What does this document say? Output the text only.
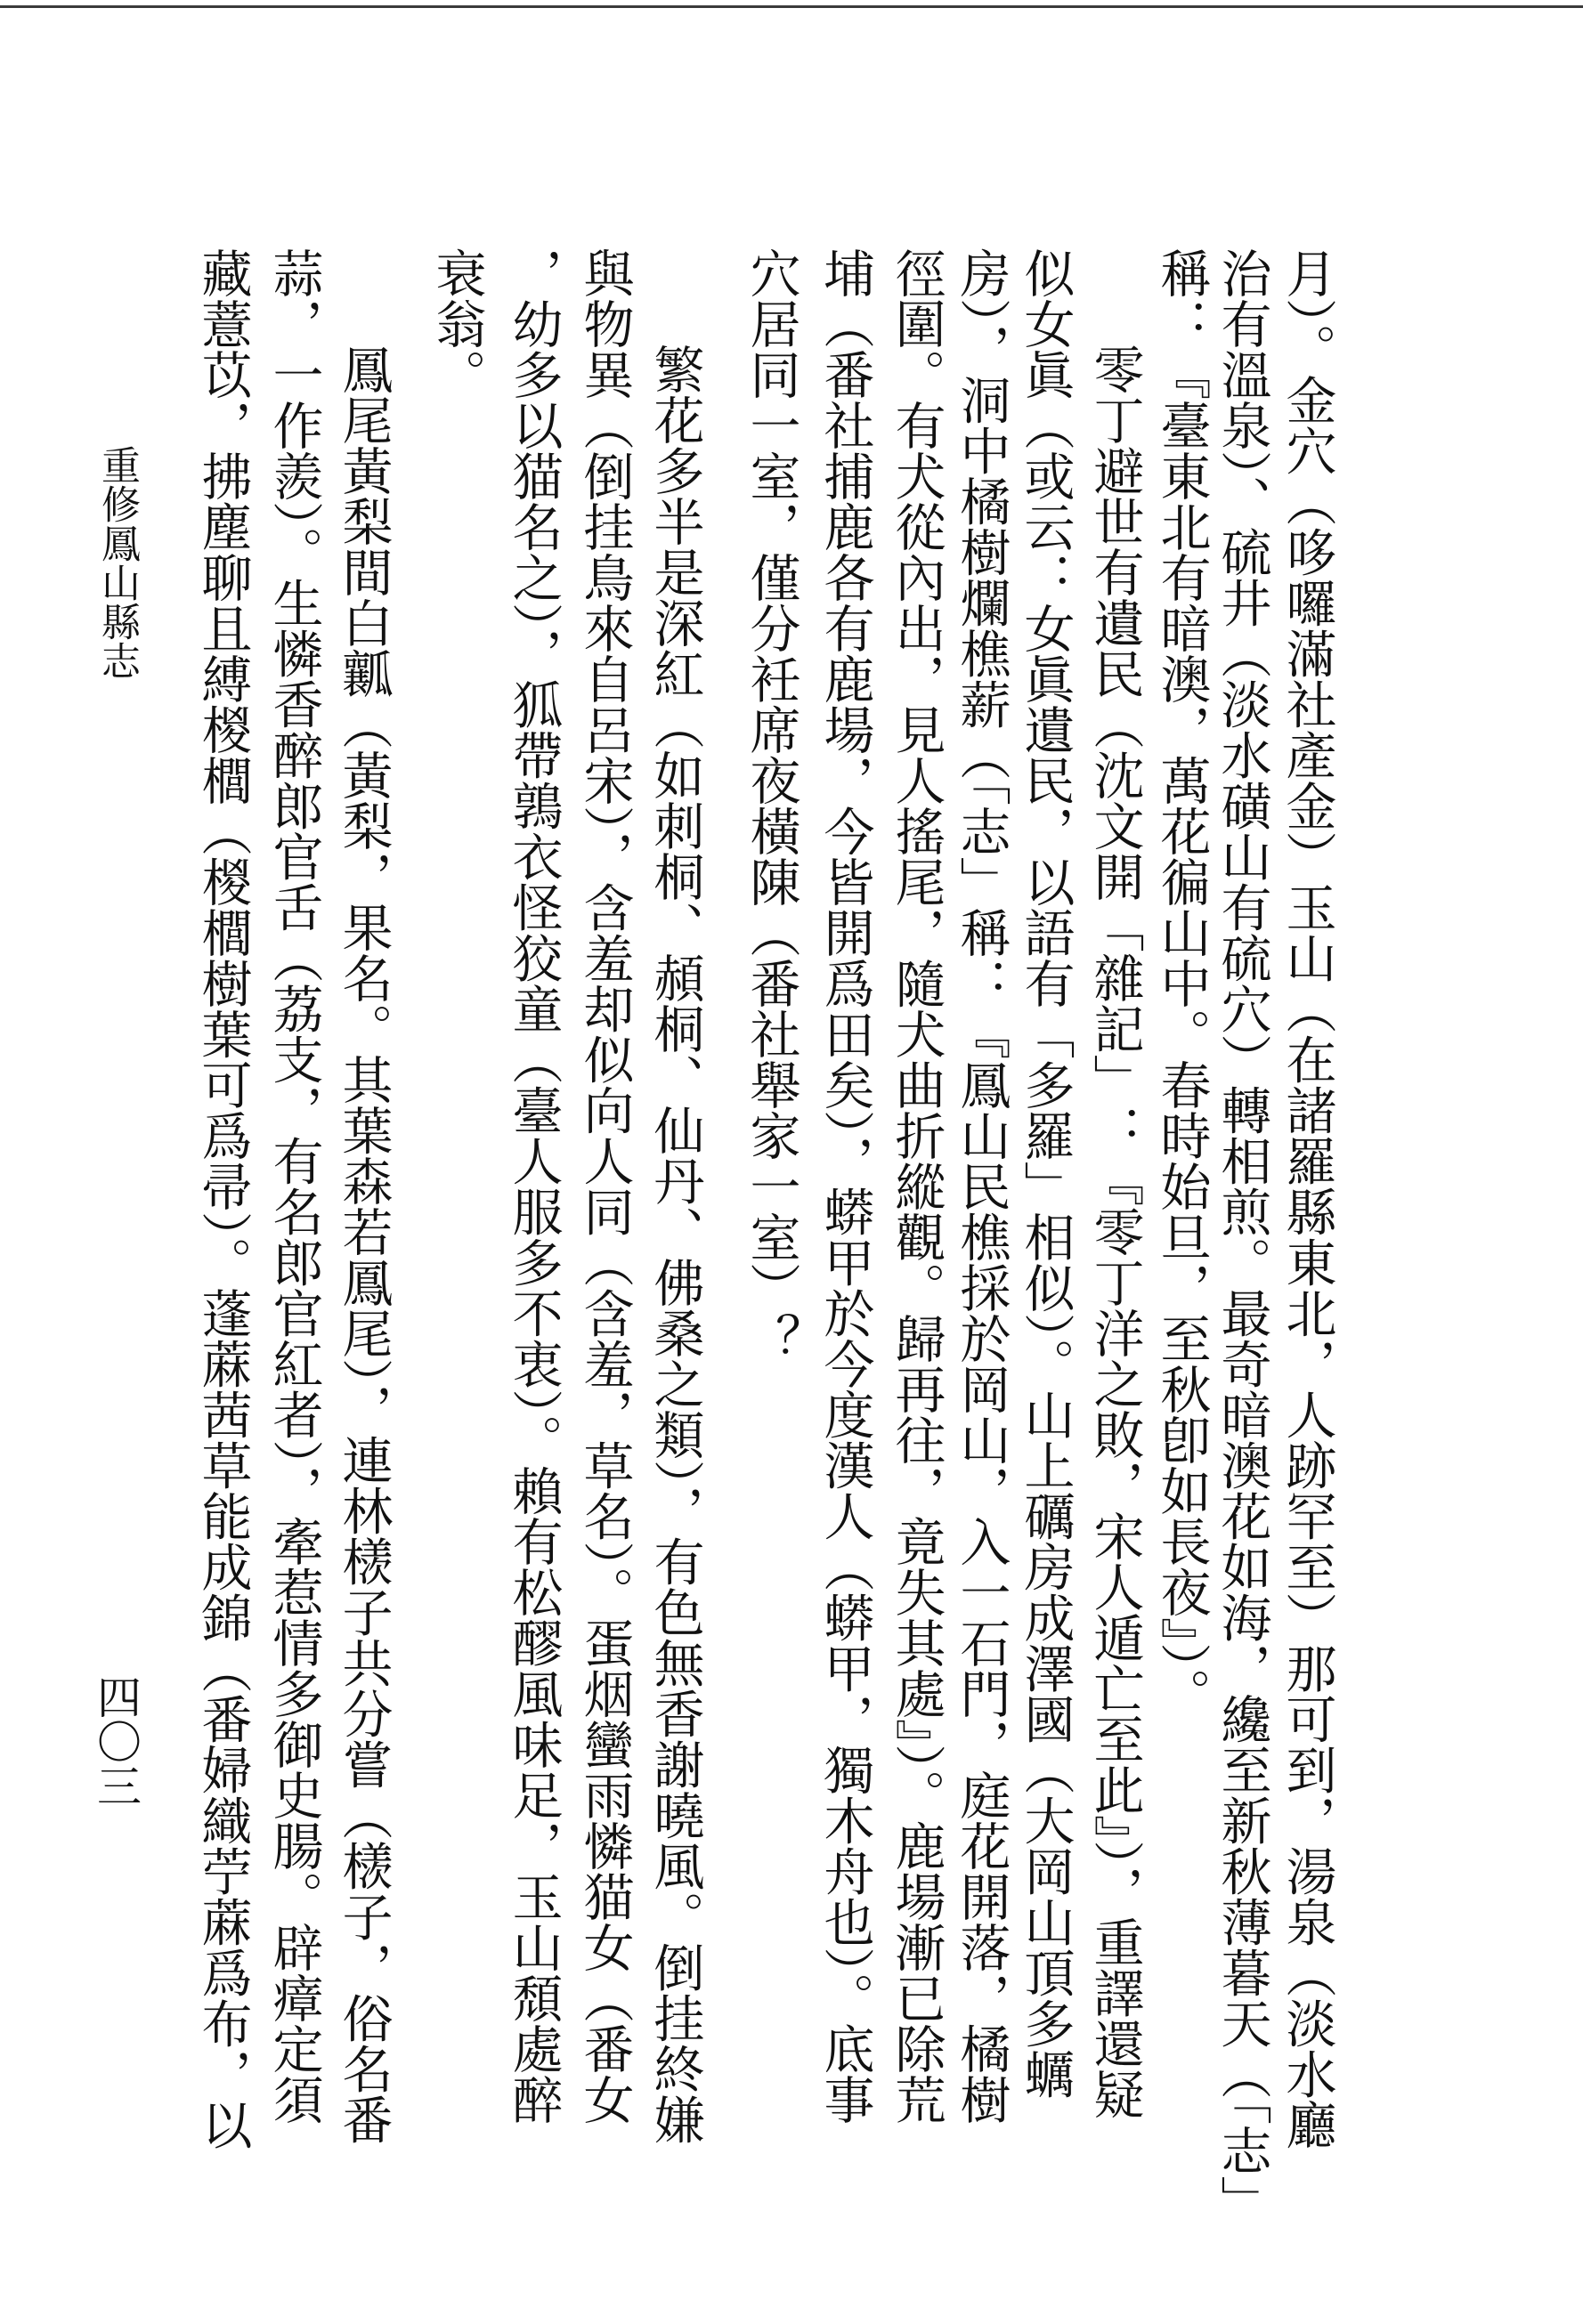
月）。金穴（哆囉滿社產金）玉山（在諸羅縣東北，人跡罕至）那可到，湯泉（淡水廳
治有溫泉）、硫井（淡水磺山有硫穴）轉相煎。最奇暗澳花如海，纔至新秋薄暮天（「志」
稱：『臺東北有暗澳，萬花徧山中。春時始旦，至秋卽如長夜』）。
零丁避世有遺民（沈文開「雜記」：『零丁洋之敗，宋人遁亡至此』），重譯還疑
似女眞（或云：女眞遺民，以語有「多羅」相似）。山上礪房成澤國（大岡山頂多蠣
房），洞中橘樹爛樵薪（「志」稱：『鳳山民樵採於岡山，入一石門，庭花開落，橘樹
徑圍。有犬從內出，見人搖尾，隨犬曲折縱觀。歸再往，竟失其處』）。鹿場漸已除荒
埔（番社捕鹿各有鹿場，今皆開爲田矣），蟒甲於今度漢人（蟒甲，獨木舟也）。底事
穴居同一室，僅分衽席夜橫陳（番社舉家一室）？
繁花多半是深紅（如刺桐、頳桐、仙丹、佛桑之類），有色無香謝曉風。倒挂終嫌
與物異（倒挂鳥來自呂宋），含羞却似向人同（含羞，草名）。蛋烟蠻雨憐猫女（番女
，幼多以猫名之），狐帶鶉衣怪狡童（臺人服多不衷）。賴有松醪風味足，玉山頹處醉
衰翁。
鳳尾黃梨間白瓤（黃梨，果名。其葉森若鳳尾），連林檨子共分嘗（檨子，俗名番
蒜，一作羨）。生憐香醉郎官舌（荔支，有名郎官紅者），牽惹情多御史腸。辟瘴定須
藏薏苡，拂塵聊且縛椶櫚（椶櫚樹葉可爲帚）。蓬蔴茜草能成錦（番婦織苧蔴爲布，以
重修鳳山縣志
四〇三
